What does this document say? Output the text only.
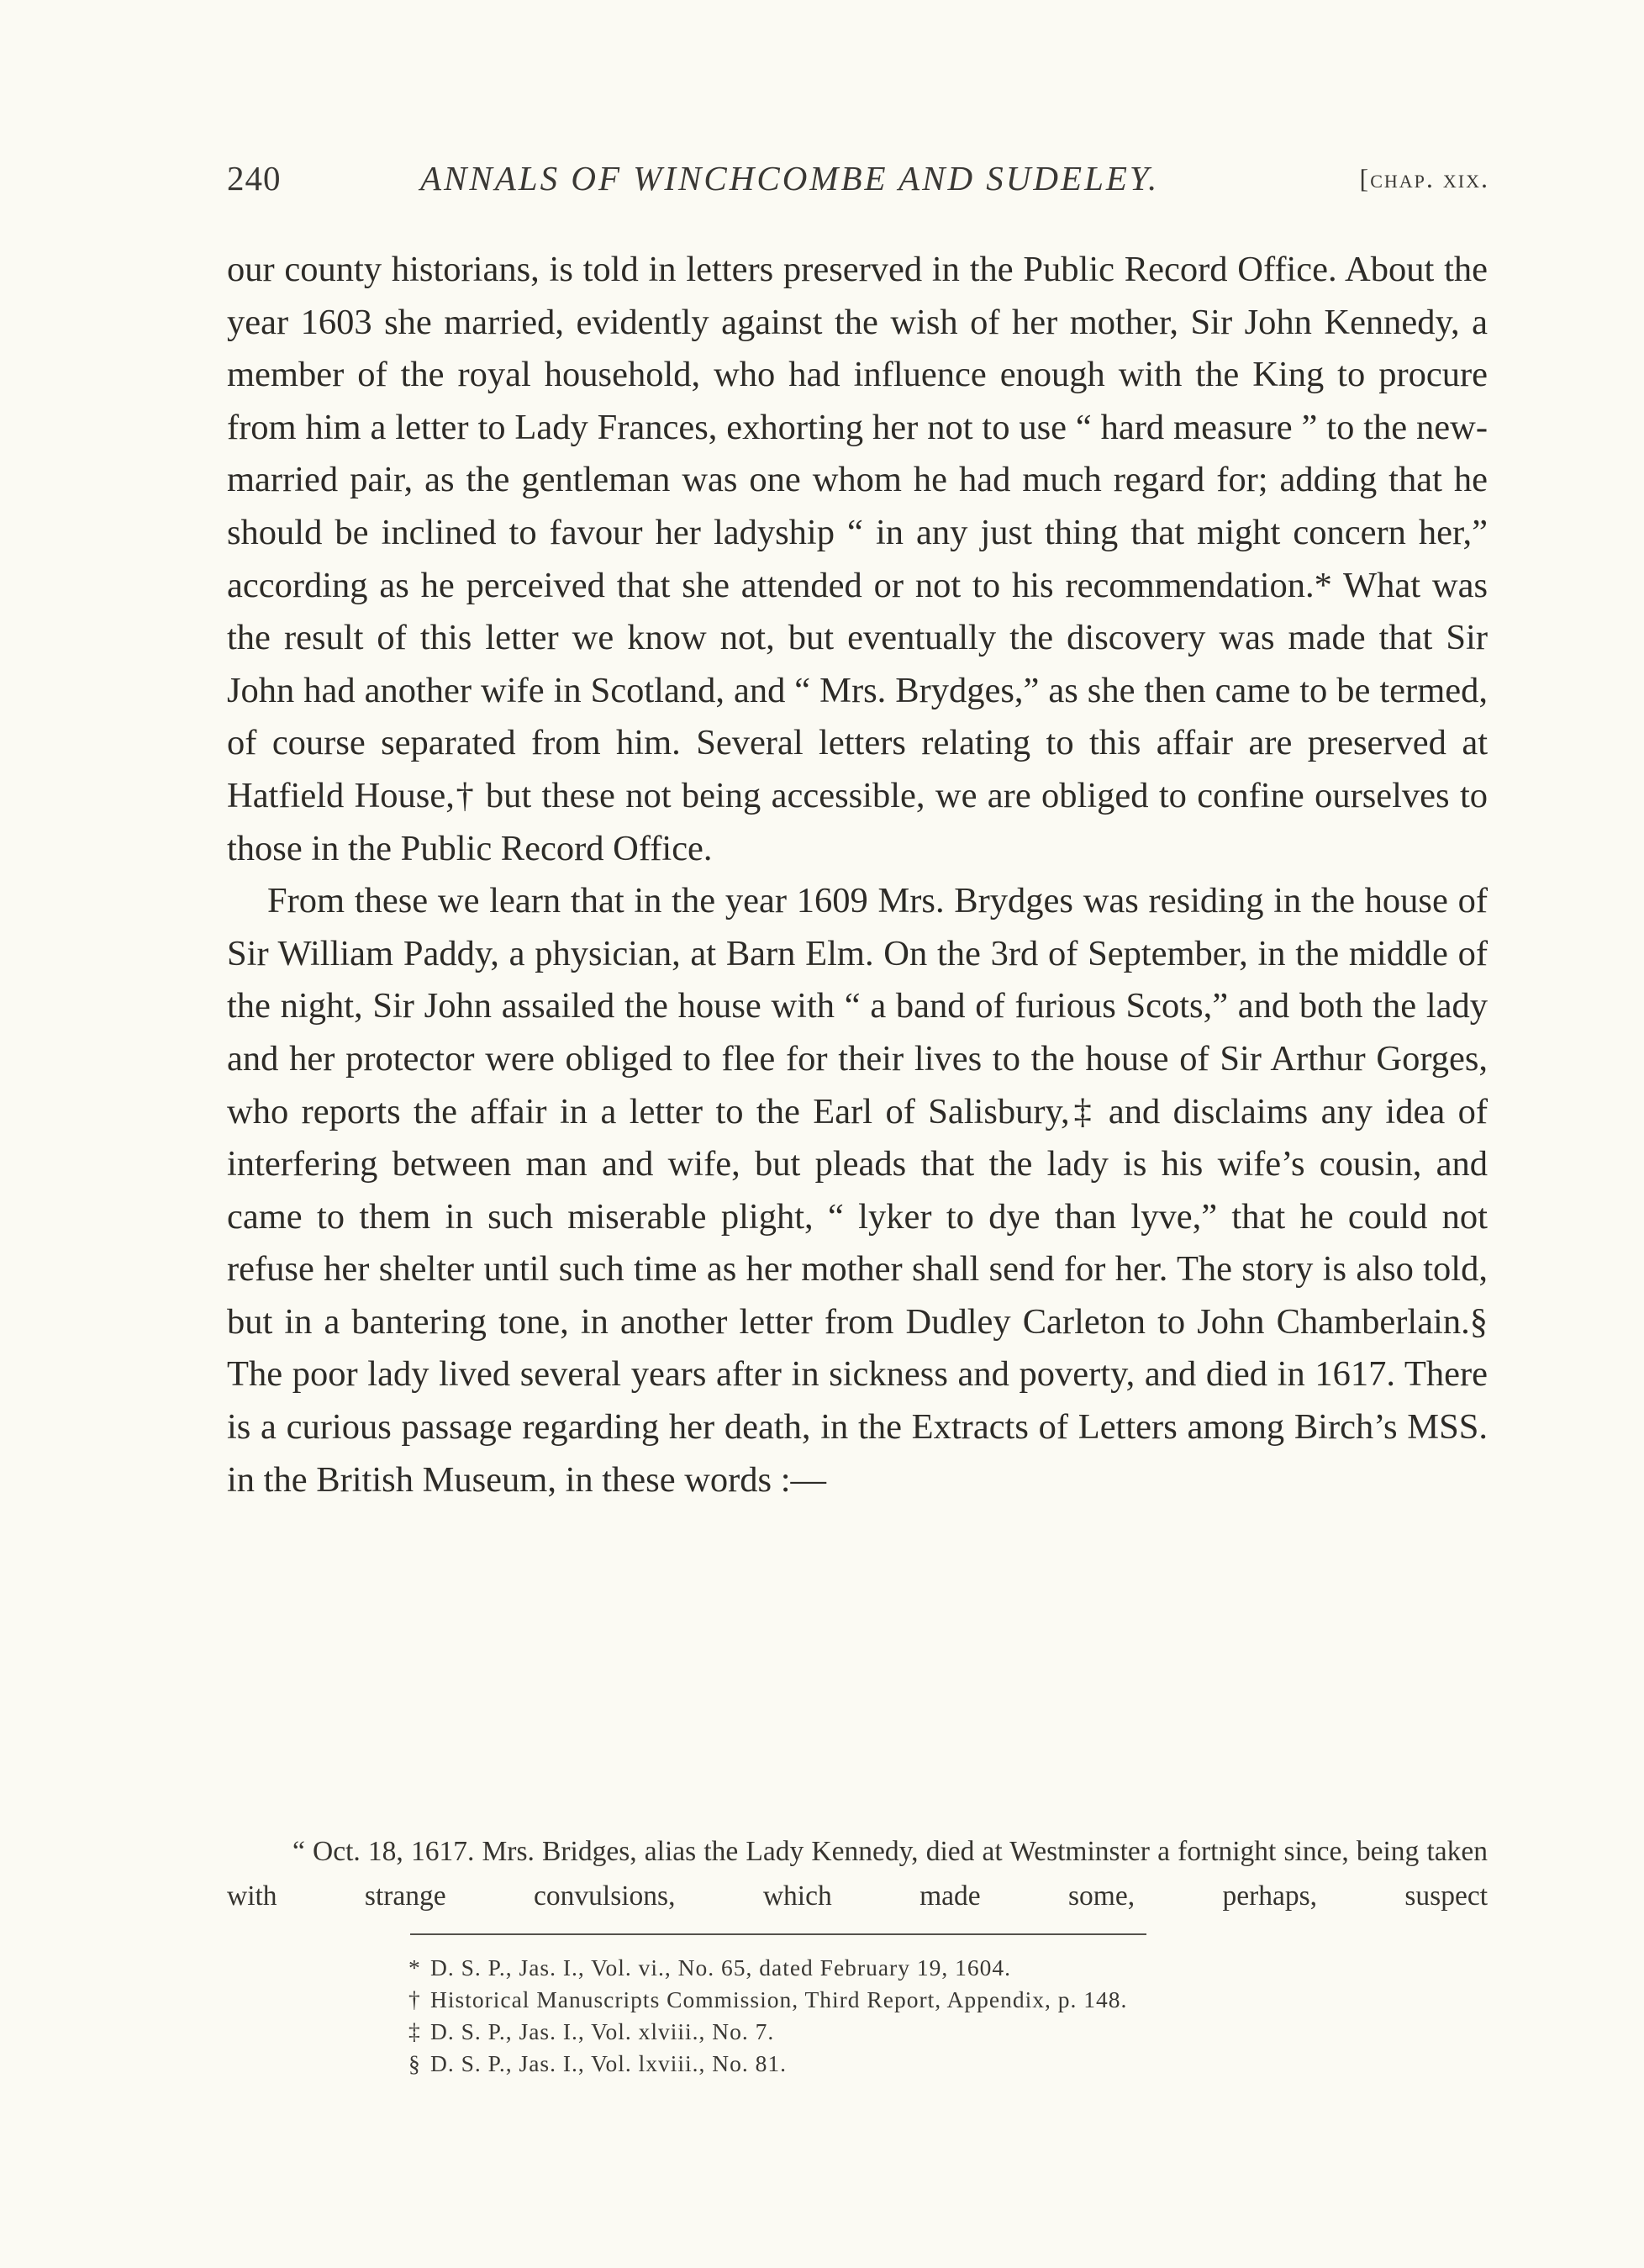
240	ANNALS OF WINCHCOMBE AND SUDELEY.	[chap. xix.

our county historians, is told in letters preserved in the Public Record Office. About the year 1603 she married, evidently against the wish of her mother, Sir John Kennedy, a member of the royal household, who had influence enough with the King to procure from him a letter to Lady Frances, exhorting her not to use “ hard measure ” to the new-married pair, as the gentleman was one whom he had much regard for; adding that he should be inclined to favour her ladyship “ in any just thing that might concern her,” according as he perceived that she attended or not to his recommendation.* What was the result of this letter we know not, but eventually the discovery was made that Sir John had another wife in Scotland, and “ Mrs. Brydges,” as she then came to be termed, of course separated from him. Several letters relating to this affair are preserved at Hatfield House,† but these not being accessible, we are obliged to confine ourselves to those in the Public Record Office.

From these we learn that in the year 1609 Mrs. Brydges was residing in the house of Sir William Paddy, a physician, at Barn Elm. On the 3rd of September, in the middle of the night, Sir John assailed the house with “ a band of furious Scots,” and both the lady and her protector were obliged to flee for their lives to the house of Sir Arthur Gorges, who reports the affair in a letter to the Earl of Salisbury,‡ and disclaims any idea of interfering between man and wife, but pleads that the lady is his wife’s cousin, and came to them in such miserable plight, “ lyker to dye than lyve,” that he could not refuse her shelter until such time as her mother shall send for her. The story is also told, but in a bantering tone, in another letter from Dudley Carleton to John Chamberlain.§ The poor lady lived several years after in sickness and poverty, and died in 1617. There is a curious passage regarding her death, in the Extracts of Letters among Birch’s MSS. in the British Museum, in these words :—

“ Oct. 18, 1617. Mrs. Bridges, alias the Lady Kennedy, died at Westminster a fortnight since, being taken with strange convulsions, which made some, perhaps, suspect
* D. S. P., Jas. I., Vol. vi., No. 65, dated February 19, 1604.
† Historical Manuscripts Commission, Third Report, Appendix, p. 148.
‡ D. S. P., Jas. I., Vol. xlviii., No. 7.
§ D. S. P., Jas. I., Vol. lxviii., No. 81.
